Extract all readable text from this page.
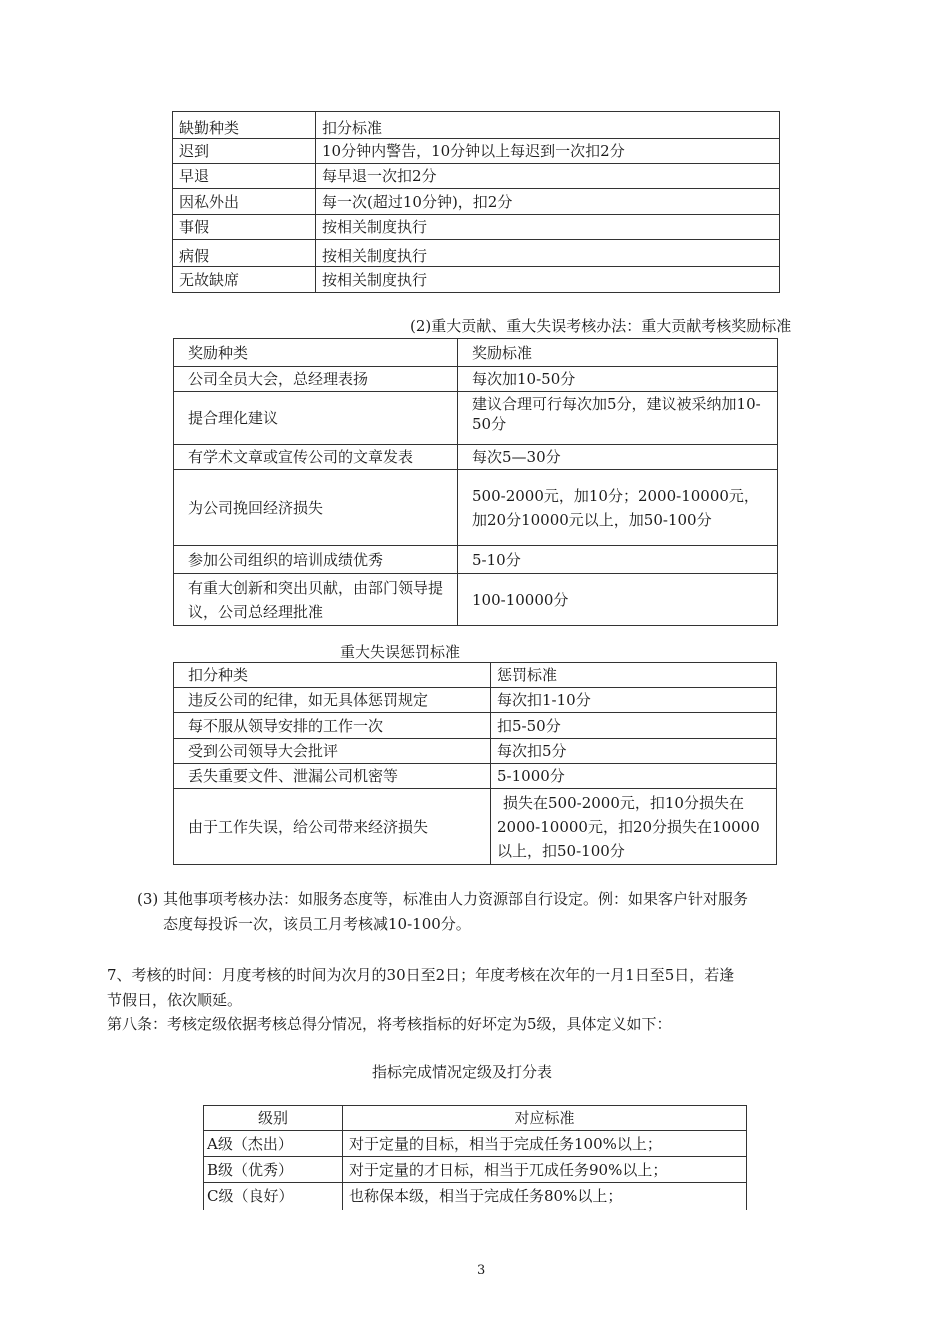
缺勤种类	扣分标准
迟到	10分钟内警告，10分钟以上每迟到一次扣2分
早退	每早退一次扣2分
因私外出	每一次(超过10分钟)，扣2分
事假	按相关制度执行
病假	按相关制度执行
无故缺席	按相关制度执行
(2)重大贡献、重大失误考核办法：重大贡献考核奖励标准
奖励种类	奖励标准
公司全员大会，总经理表扬	每次加10-50分
提合理化建议	建议合理可行每次加5分，建议被采纳加10-50分

有学术文章或宣传公司的文章发表	每次5—30分
为公司挽回经济损失	500-2000元，加10分；2000-10000元，加20分10000元以上，加50-100分

参加公司组织的培训成绩优秀	5-10分

有重大创新和突出贝献，由部门领导提议，公司总经理批准	100-10000分
重大失误惩罚标准
扣分种类	惩罚标准
违反公司的纪律，如无具体惩罚规定	每次扣1-10分
每不服从领导安排的工作一次	扣5-50分
受到公司领导大会批评	每次扣5分
丢失重要文件、泄漏公司机密等	5-1000分
由于工作失误，给公司带来经济损失	损失在500-2000元，扣10分损失在2000-10000元，扣20分损失在10000以上，扣50-100分
(3) 其他事项考核办法：如服务态度等，标准由人力资源部自行设定。例：如果客户针对服务
态度每投诉一次，该员工月考核减10-100分。
7、考核的时间：月度考核的时间为次月的30日至2日；年度考核在次年的一月1日至5日，若逢
节假日，依次顺延。
第八条：考核定级依据考核总得分情况，将考核指标的好坏定为5级，具体定义如下：
指标完成情况定级及打分表
级别	对应标准
A级（杰出）	对于定量的目标，相当于完成任务100%以上；
B级（优秀）	对于定量的才日标，相当于兀成任务90%以上；
C级（良好）	也称保本级，相当于完成任务80%以上；
3
